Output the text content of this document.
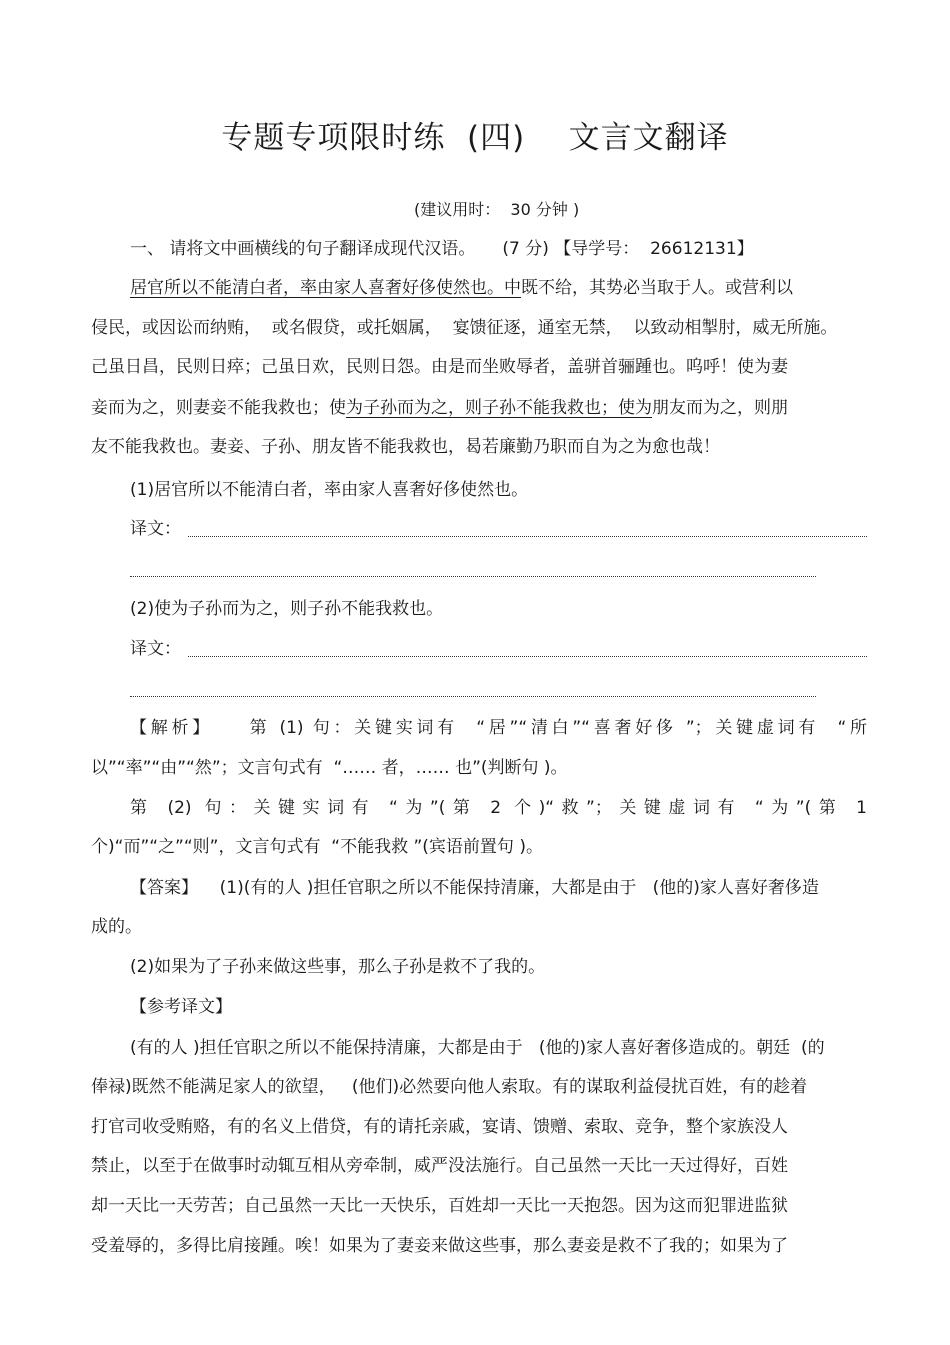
专题专项限时练  (四)    文言文翻译
(建议用时：  30 分钟 )
一、 请将文中画横线的句子翻译成现代汉语。     (7 分) 【导学号：  26612131】
居官所以不能清白者，率由家人喜奢好侈使然也。中既不给，其势必当取于人。或营利以
侵民，或因讼而纳贿，  或名假贷，或托姻属，  宴馈征逐，通室无禁，  以致动相掣肘，威无所施。
己虽日昌，民则日瘁；己虽日欢，民则日怨。由是而坐败辱者，盖骈首骊踵也。呜呼！使为妻
妾而为之，则妻妾不能我救也；使为子孙而为之，则子孙不能我救也；使为朋友而为之，则朋
友不能我救也。妻妾、子孙、朋友皆不能我救也，曷若廉勤乃职而自为之为愈也哉！
(1)居官所以不能清白者，率由家人喜奢好侈使然也。
译文：
(2)使为子孙而为之，则子孙不能我救也。
译文：
【解析】    第 (1) 句：关键实词有  “居”“清白”“喜奢好侈 ”；关键虚词有  “所
以”“率”“由”“然”；文言句式有  “…… 者，…… 也”(判断句 )。
第 (2) 句：关键实词有 “为”(第 2 个)“救”；关键虚词有 “为”(第 1
个)“而”“之”“则”，文言句式有  “不能我救 ”(宾语前置句 )。
【答案】    (1)(有的人 )担任官职之所以不能保持清廉，大都是由于   (他的)家人喜好奢侈造
成的。
(2)如果为了子孙来做这些事，那么子孙是救不了我的。
【参考译文】
(有的人 )担任官职之所以不能保持清廉，大都是由于   (他的)家人喜好奢侈造成的。朝廷  (的
俸禄)既然不能满足家人的欲望，   (他们)必然要向他人索取。有的谋取利益侵扰百姓，有的趁着
打官司收受贿赂，有的名义上借贷，有的请托亲戚，宴请、馈赠、索取、竞争，整个家族没人
禁止，以至于在做事时动辄互相从旁牵制，威严没法施行。自己虽然一天比一天过得好，百姓
却一天比一天劳苦；自己虽然一天比一天快乐，百姓却一天比一天抱怨。因为这而犯罪进监狱
受羞辱的，多得比肩接踵。唉！如果为了妻妾来做这些事，那么妻妾是救不了我的；如果为了
